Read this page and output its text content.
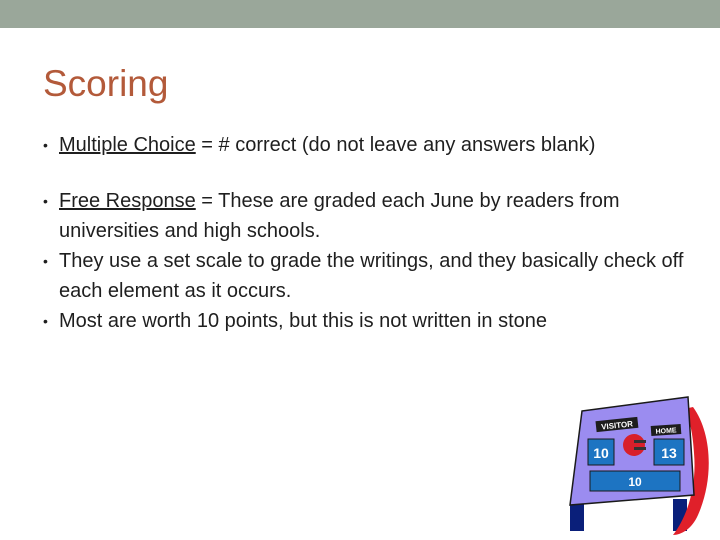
Scoring
• Multiple Choice = # correct (do not leave any answers blank)
• Free Response = These are graded each June by readers from universities and high schools.
• They use a set scale to grade the writings, and they basically check off each element as it occurs.
• Most are worth 10 points, but this is not written in stone
VISITOR	HOME
10	13
10
